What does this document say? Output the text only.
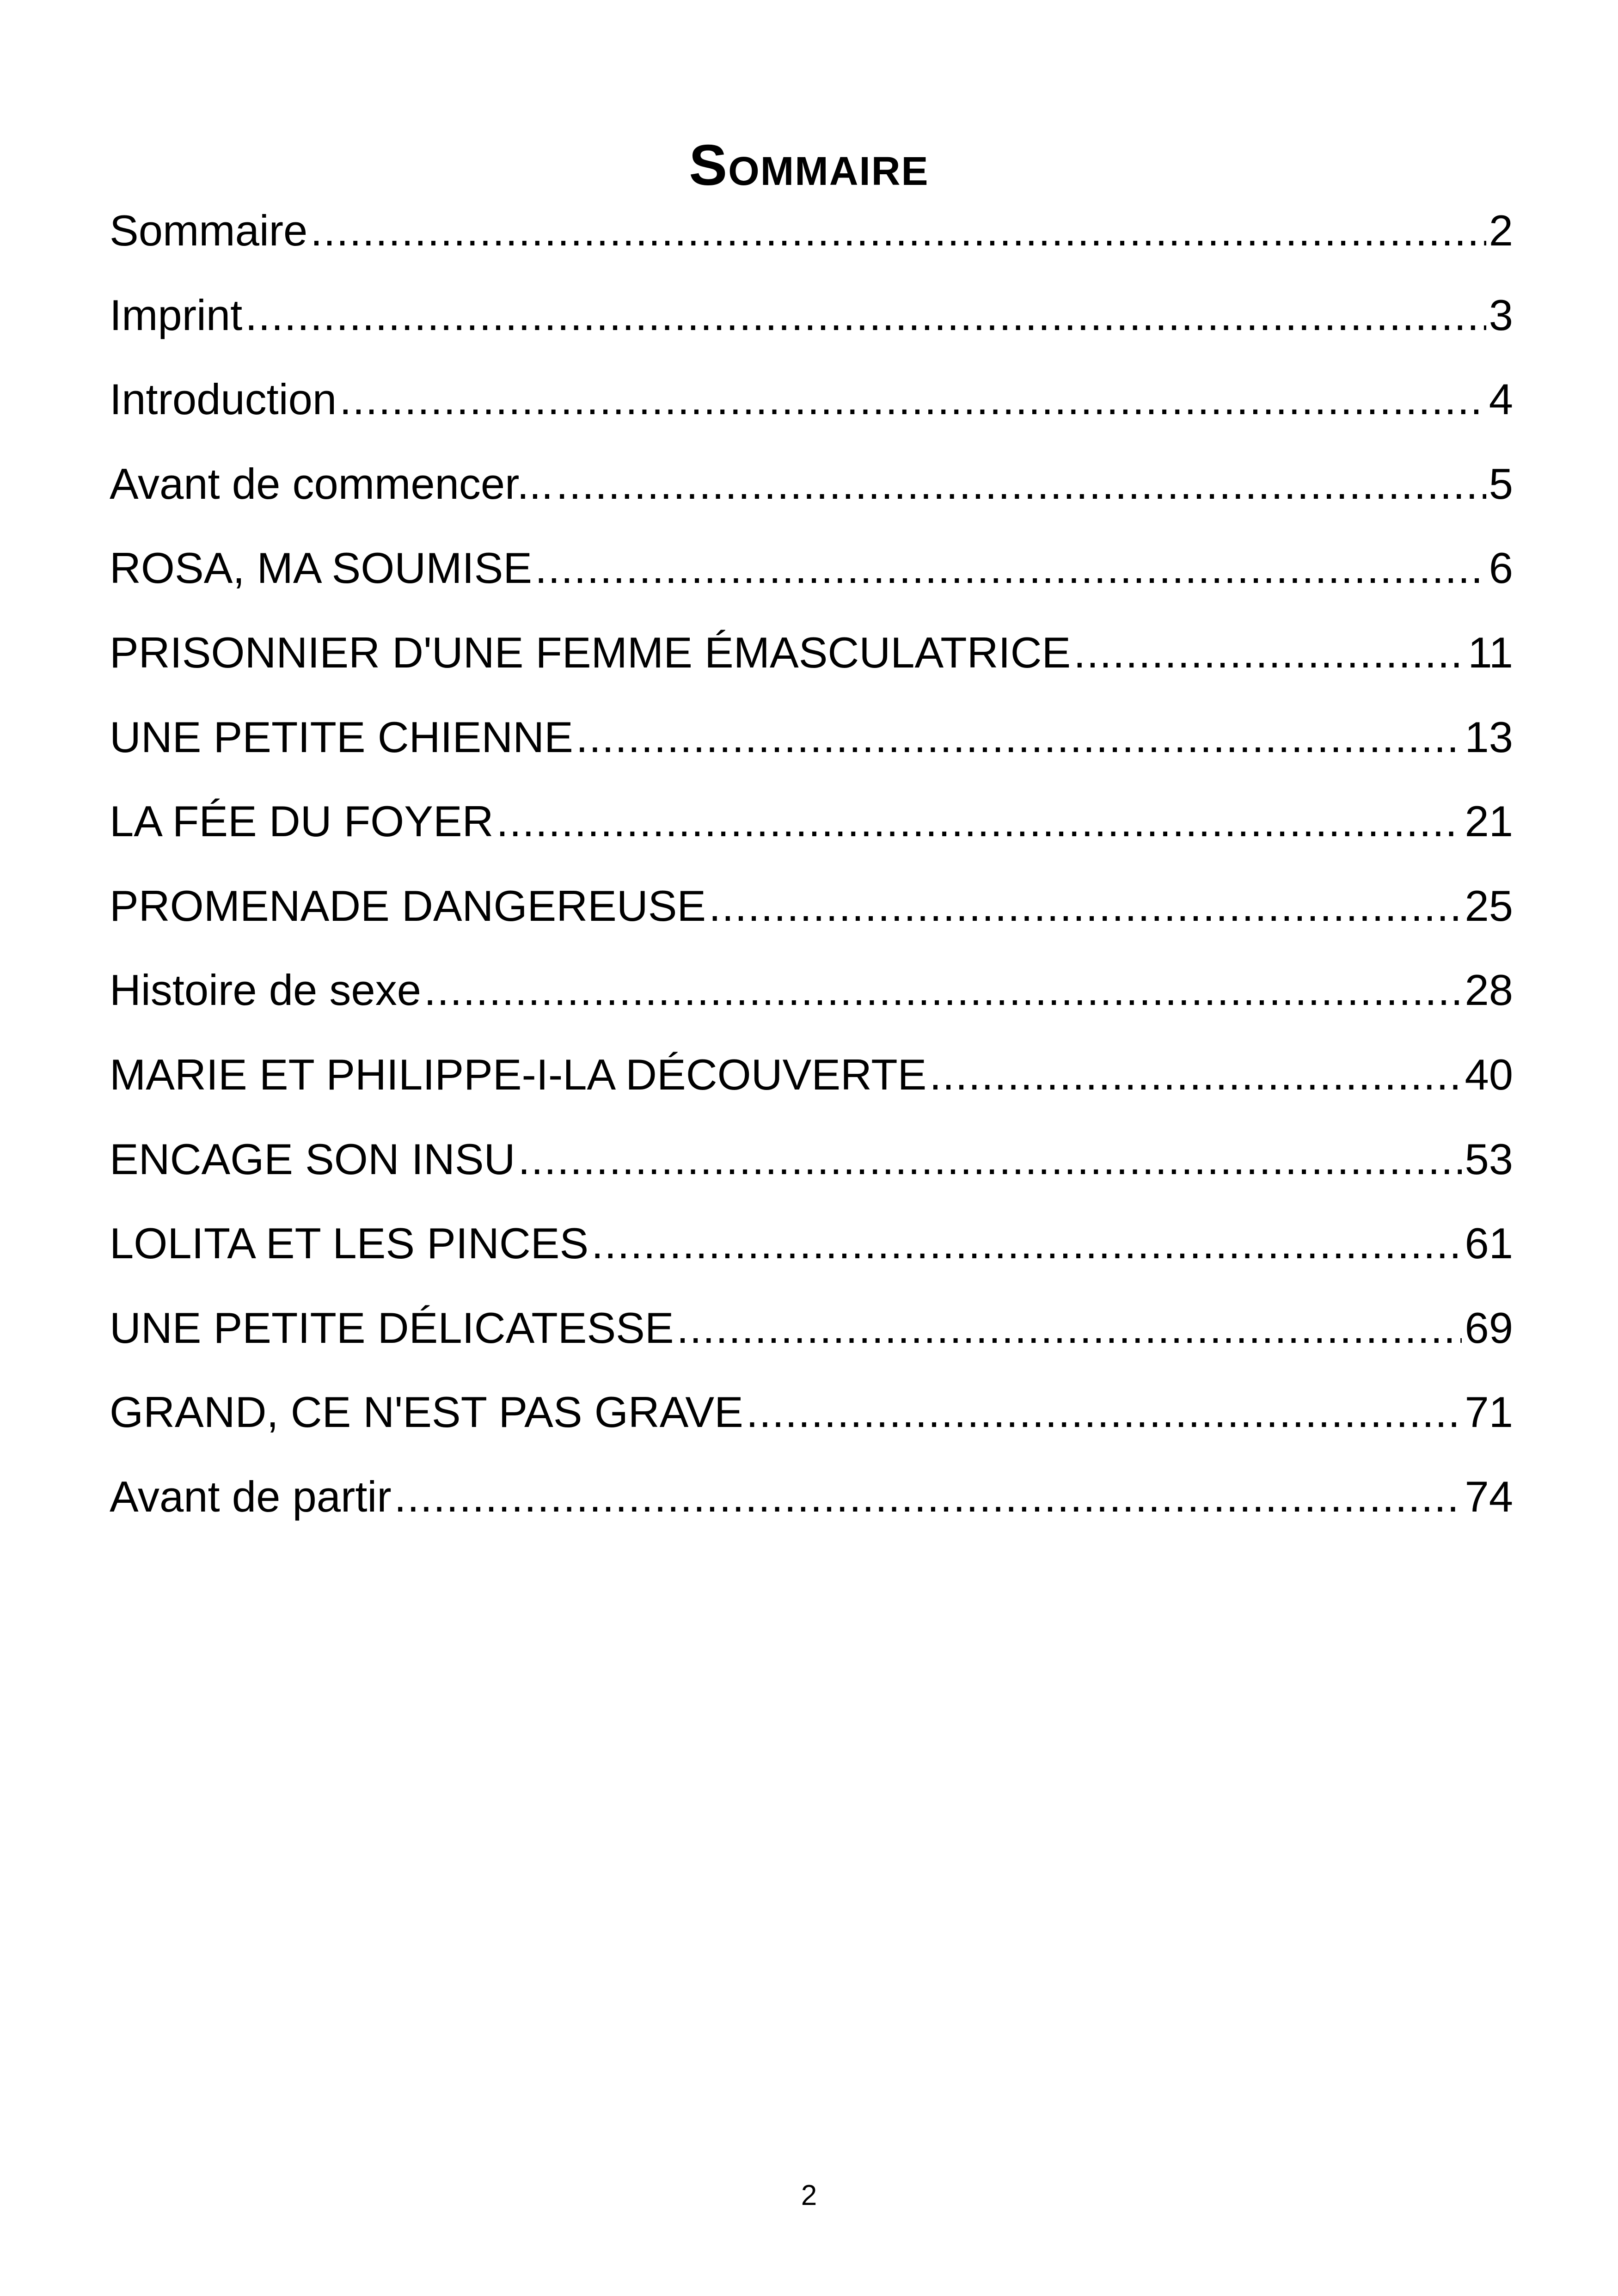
Sommaire
Sommaire .....	2
Imprint .....	3
Introduction .....	4
Avant de commencer... .....	5
ROSA, MA SOUMISE .....	6
PRISONNIER D'UNE FEMME ÉMASCULATRICE .....	11
UNE PETITE CHIENNE .....	13
LA FÉE DU FOYER .....	21
PROMENADE DANGEREUSE .....	25
Histoire de sexe .....	28
MARIE ET PHILIPPE-I-LA DÉCOUVERTE .....	40
ENCAGE SON INSU .....	53
LOLITA ET LES PINCES .....	61
UNE PETITE DÉLICATESSE .....	69
GRAND, CE N'EST PAS GRAVE .....	71
Avant de partir .....	74
2
